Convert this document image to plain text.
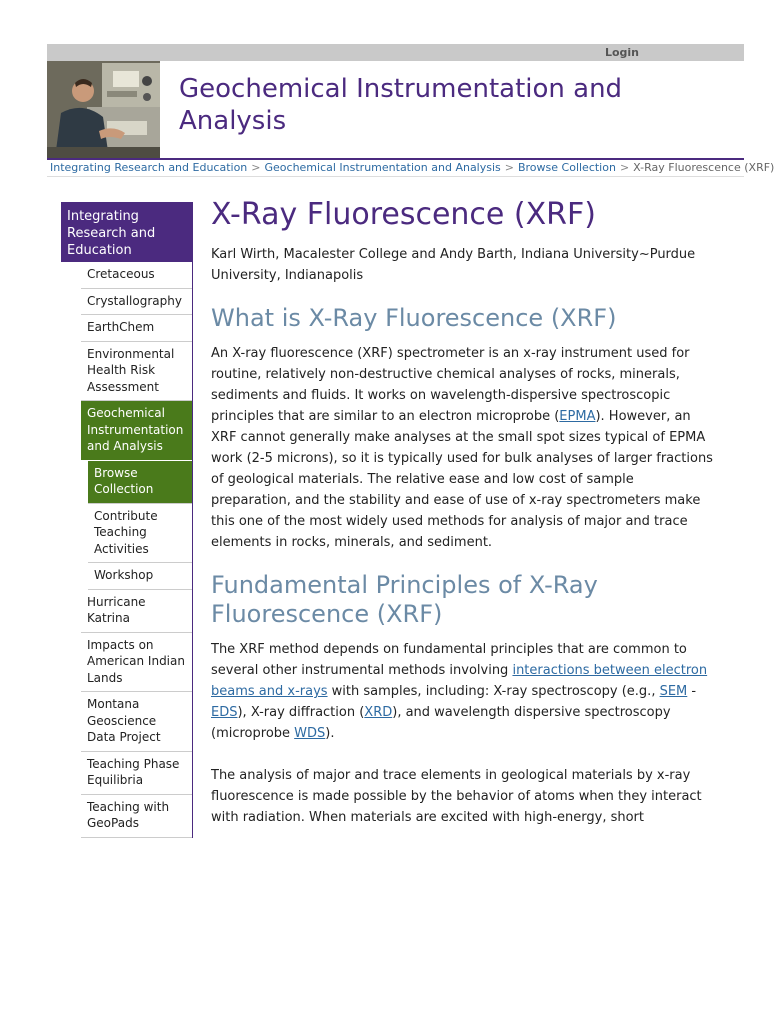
Login
Geochemical Instrumentation and Analysis
Integrating Research and Education > Geochemical Instrumentation and Analysis > Browse Collection > X-Ray Fluorescence (XRF)
Integrating Research and Education
Cretaceous
Crystallography
EarthChem
Environmental Health Risk Assessment
Geochemical Instrumentation and Analysis
Browse Collection
Contribute Teaching Activities
Workshop
Hurricane Katrina
Impacts on American Indian Lands
Montana Geoscience Data Project
Teaching Phase Equilibria
Teaching with GeoPads
X-Ray Fluorescence (XRF)

Karl Wirth, Macalester College and Andy Barth, Indiana University~Purdue University, Indianapolis

What is X-Ray Fluorescence (XRF)

An X-ray fluorescence (XRF) spectrometer is an x-ray instrument used for routine, relatively non-destructive chemical analyses of rocks, minerals, sediments and fluids. It works on wavelength-dispersive spectroscopic principles that are similar to an electron microprobe (EPMA). However, an XRF cannot generally make analyses at the small spot sizes typical of EPMA work (2-5 microns), so it is typically used for bulk analyses of larger fractions of geological materials. The relative ease and low cost of sample preparation, and the stability and ease of use of x-ray spectrometers make this one of the most widely used methods for analysis of major and trace elements in rocks, minerals, and sediment.

Fundamental Principles of X-Ray Fluorescence (XRF)

The XRF method depends on fundamental principles that are common to several other instrumental methods involving interactions between electron beams and x-rays with samples, including: X-ray spectroscopy (e.g., SEM - EDS), X-ray diffraction (XRD), and wavelength dispersive spectroscopy (microprobe WDS).

The analysis of major and trace elements in geological materials by x-ray fluorescence is made possible by the behavior of atoms when they interact with radiation. When materials are excited with high-energy, short
